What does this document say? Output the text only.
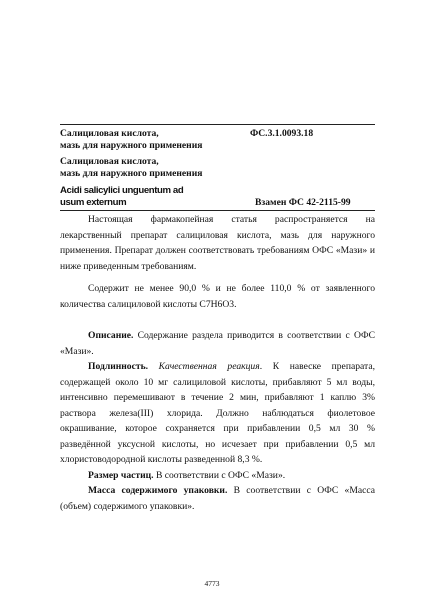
Салициловая кислота,
мазь для наружного применения
ФС.3.1.0093.18
Салициловая кислота,
мазь для наружного применения
Acidi salicylici unguentum ad
usum externum	Взамен ФС 42-2115-99

Настоящая фармакопейная статья распространяется на лекарственный препарат салициловая кислота, мазь для наружного применения. Препарат должен соответствовать требованиям ОФС «Мази» и ниже приведенным требованиям.

Содержит не менее 90,0 % и не более 110,0 % от заявленного количества салициловой кислоты C7H6O3.

Описание. Содержание раздела приводится в соответствии с ОФС «Мази».

Подлинность. Качественная реакция. К навеске препарата, содержащей около 10 мг салициловой кислоты, прибавляют 5 мл воды, интенсивно перемешивают в течение 2 мин, прибавляют 1 каплю 3% раствора железа(III) хлорида. Должно наблюдаться фиолетовое окрашивание, которое сохраняется при прибавлении 0,5 мл 30 % разведённой уксусной кислоты, но исчезает при прибавлении 0,5 мл хлористоводородной кислоты разведенной 8,3 %.

Размер частиц. В соответствии с ОФС «Мази».

Масса содержимого упаковки. В соответствии с ОФС «Масса (объем) содержимого упаковки».

4773
